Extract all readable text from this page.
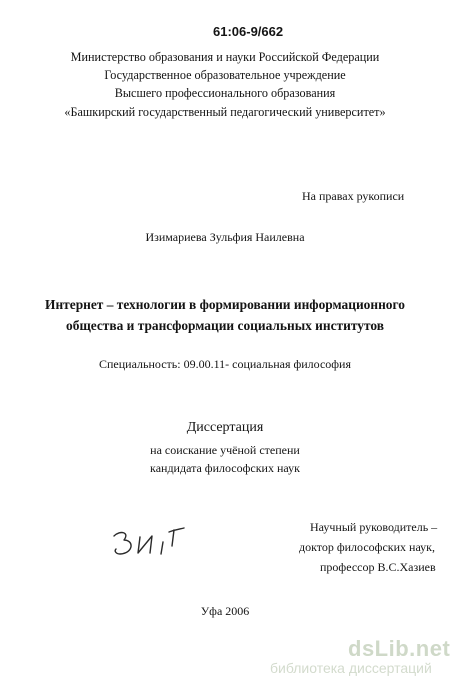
61:06-9/662
Министерство образования и науки Российской Федерации
Государственное образовательное учреждение
Высшего профессионального образования
«Башкирский государственный педагогический университет»
На правах рукописи
Изимариева Зульфия Наилевна
Интернет – технологии в формировании информационного
общества и трансформации социальных институтов
Специальность: 09.00.11- социальная философия
Диссертация
на соискание учёной степени
кандидата философских наук
Научный руководитель –
доктор философских наук,
профессор В.С.Хазиев
Уфа 2006
dsLib.net
библиотека диссертаций
